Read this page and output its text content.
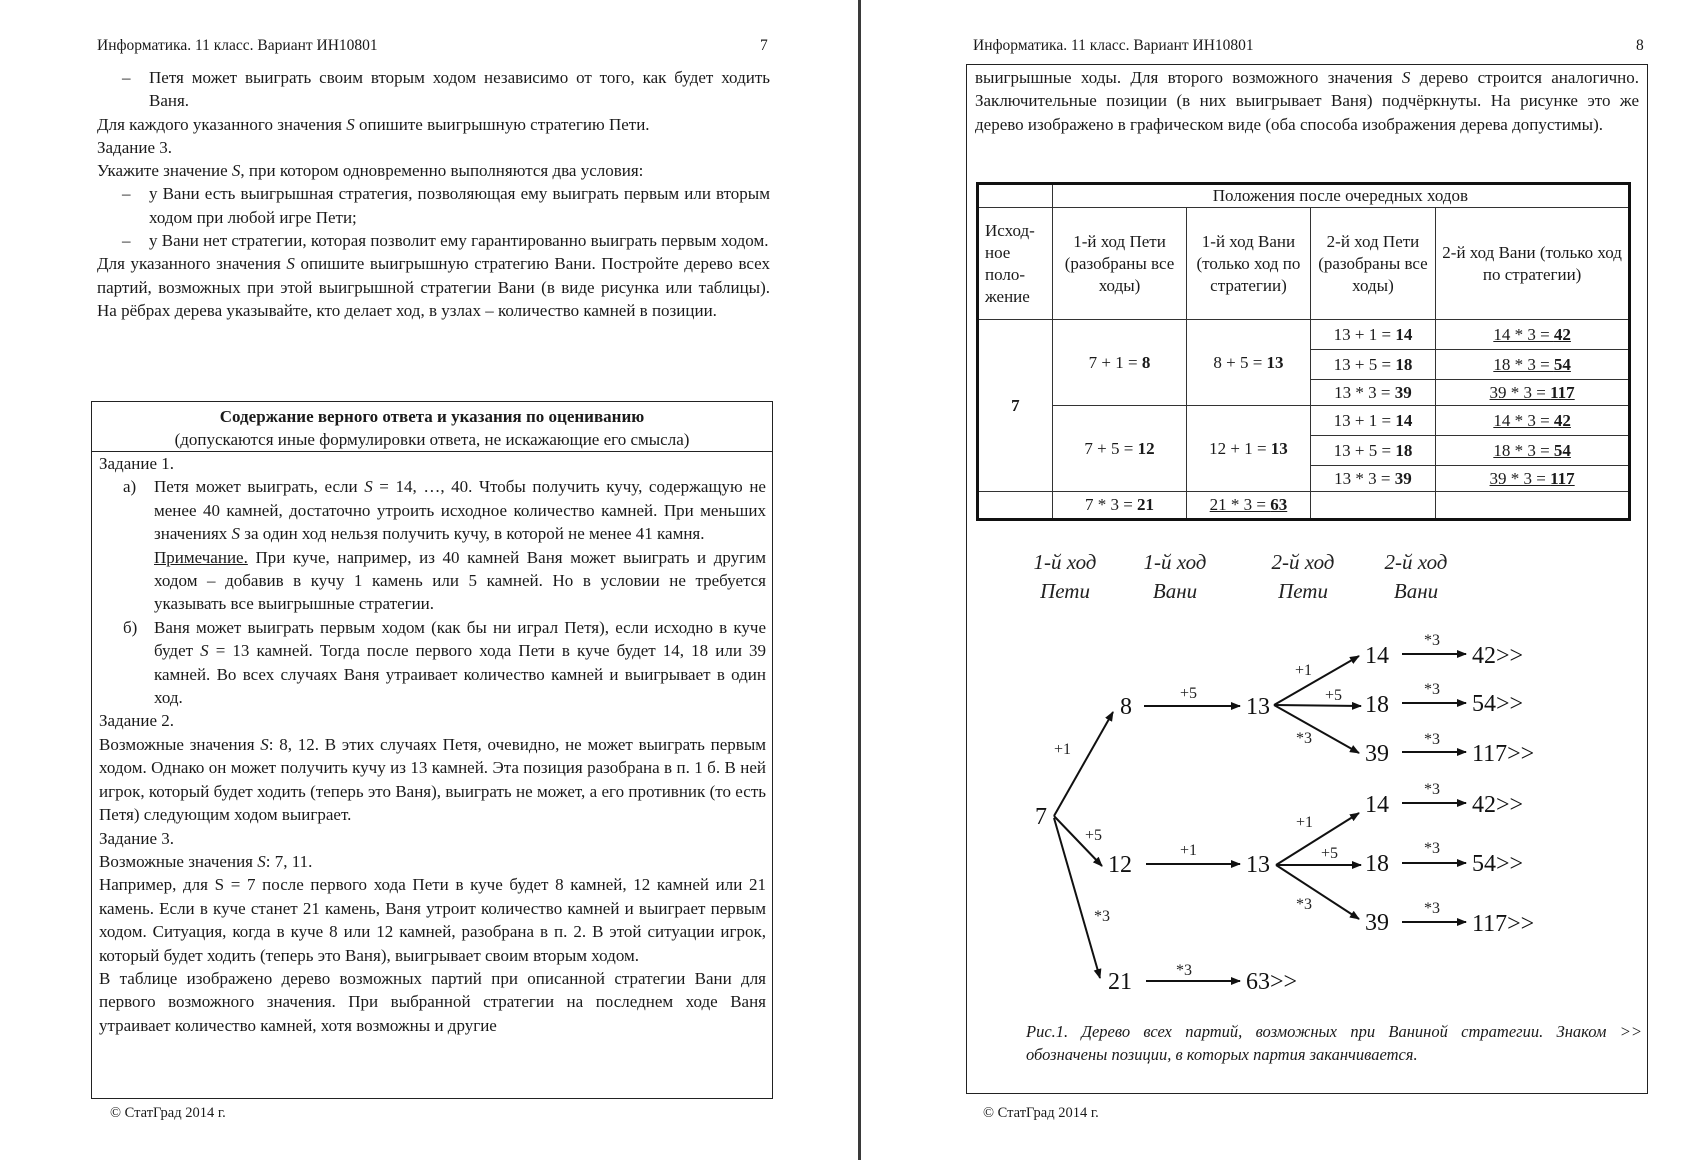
Информатика. 11 класс. Вариант ИН10801	7

– Петя может выиграть своим вторым ходом независимо от того, как будет ходить Ваня.

Для каждого указанного значения S опишите выигрышную стратегию Пети.

Задание 3.

Укажите значение S, при котором одновременно выполняются два условия:

– у Вани есть выигрышная стратегия, позволяющая ему выиграть первым или вторым ходом при любой игре Пети;

– у Вани нет стратегии, которая позволит ему гарантированно выиграть первым ходом.

Для указанного значения S опишите выигрышную стратегию Вани. Постройте дерево всех партий, возможных при этой выигрышной стратегии Вани (в виде рисунка или таблицы). На рёбрах дерева указывайте, кто делает ход, в узлах – количество камней в позиции.

Содержание верного ответа и указания по оцениванию
(допускаются иные формулировки ответа, не искажающие его смысла)

Задание 1.

а) Петя может выиграть, если S = 14, …, 40. Чтобы получить кучу, содержащую не менее 40 камней, достаточно утроить исходное количество камней. При меньших значениях S за один ход нельзя получить кучу, в которой не менее 41 камня.
Примечание. При куче, например, из 40 камней Ваня может выиграть и другим ходом – добавив в кучу 1 камень или 5 камней. Но в условии не требуется указывать все выигрышные стратегии.
б) Ваня может выиграть первым ходом (как бы ни играл Петя), если исходно в куче будет S = 13 камней. Тогда после первого хода Пети в куче будет 14, 18 или 39 камней. Во всех случаях Ваня утраивает количество камней и выигрывает в один ход.

Задание 2.

Возможные значения S: 8, 12. В этих случаях Петя, очевидно, не может выиграть первым ходом. Однако он может получить кучу из 13 камней. Эта позиция разобрана в п. 1 б. В ней игрок, который будет ходить (теперь это Ваня), выиграть не может, а его противник (то есть Петя) следующим ходом выиграет.

Задание 3.

Возможные значения S: 7, 11.

Например, для S = 7 после первого хода Пети в куче будет 8 камней, 12 камней или 21 камень. Если в куче станет 21 камень, Ваня утроит количество камней и выиграет первым ходом. Ситуация, когда в куче 8 или 12 камней, разобрана в п. 2. В этой ситуации игрок, который будет ходить (теперь это Ваня), выигрывает своим вторым ходом.

В таблице изображено дерево возможных партий при описанной стратегии Вани для первого возможного значения. При выбранной стратегии на последнем ходе Ваня утраивает количество камней, хотя возможны и другие

© СтатГрад 2014 г.
Информатика. 11 класс. Вариант ИН10801	8
выигрышные ходы. Для второго возможного значения S дерево строится аналогично. Заключительные позиции (в них выигрывает Ваня) подчёркнуты. На рисунке это же дерево изображено в графическом виде (оба способа изображения дерева допустимы).
	Положения после очередных ходов			
Исход-ное поло-жение	1-й ход Пети (разобраны все ходы)	1-й ход Вани (только ход по стратегии)	2-й ход Пети (разобраны все ходы)	2-й ход Вани (только ход по стратегии)
7	7 + 1 = 8	8 + 5 = 13	13 + 1 = 14	14 * 3 = 42
			13 + 5 = 18	18 * 3 = 54
			13 * 3 = 39	39 * 3 = 117
	7 + 5 = 12	12 + 1 = 13	13 + 1 = 14	14 * 3 = 42
			13 + 5 = 18	18 * 3 = 54
			13 * 3 = 39	39 * 3 = 117
	7 * 3 = 21	21 * 3 = 63		
1-й ход
Пети
1-й ход
Вани
2-й ход
Пети
2-й ход
Вани
+1
+5
*3
+5
+1
+5
*3
*3
*3
*3
+1
+1
+5
*3
*3
*3
*3
*3
7
8
12
21
13
13
14
18
39
14
18
39
42>>
54>>
117>>
42>>
54>>
117>>
63>>
Рис.1. Дерево всех партий, возможных при Ваниной стратегии. Знаком >> обозначены позиции, в которых партия заканчивается.
© СтатГрад 2014 г.
